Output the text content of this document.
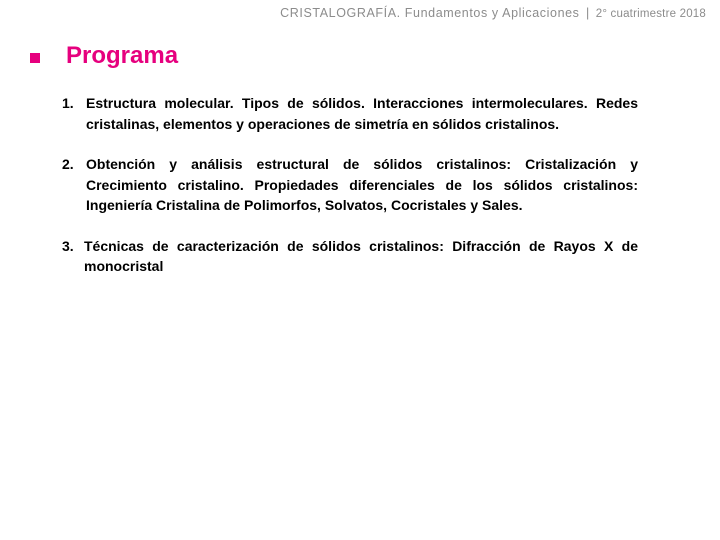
CRISTALOGRAFÍA. Fundamentos y Aplicaciones | 2° cuatrimestre 2018
Programa
1. Estructura molecular. Tipos de sólidos. Interacciones intermoleculares. Redes cristalinas, elementos y operaciones de simetría en sólidos cristalinos.
2. Obtención y análisis estructural de sólidos cristalinos: Cristalización y Crecimiento cristalino. Propiedades diferenciales de los sólidos cristalinos: Ingeniería Cristalina de Polimorfos, Solvatos, Cocristales y Sales.
3. Técnicas de caracterización de sólidos cristalinos: Difracción de Rayos X de monocristal
